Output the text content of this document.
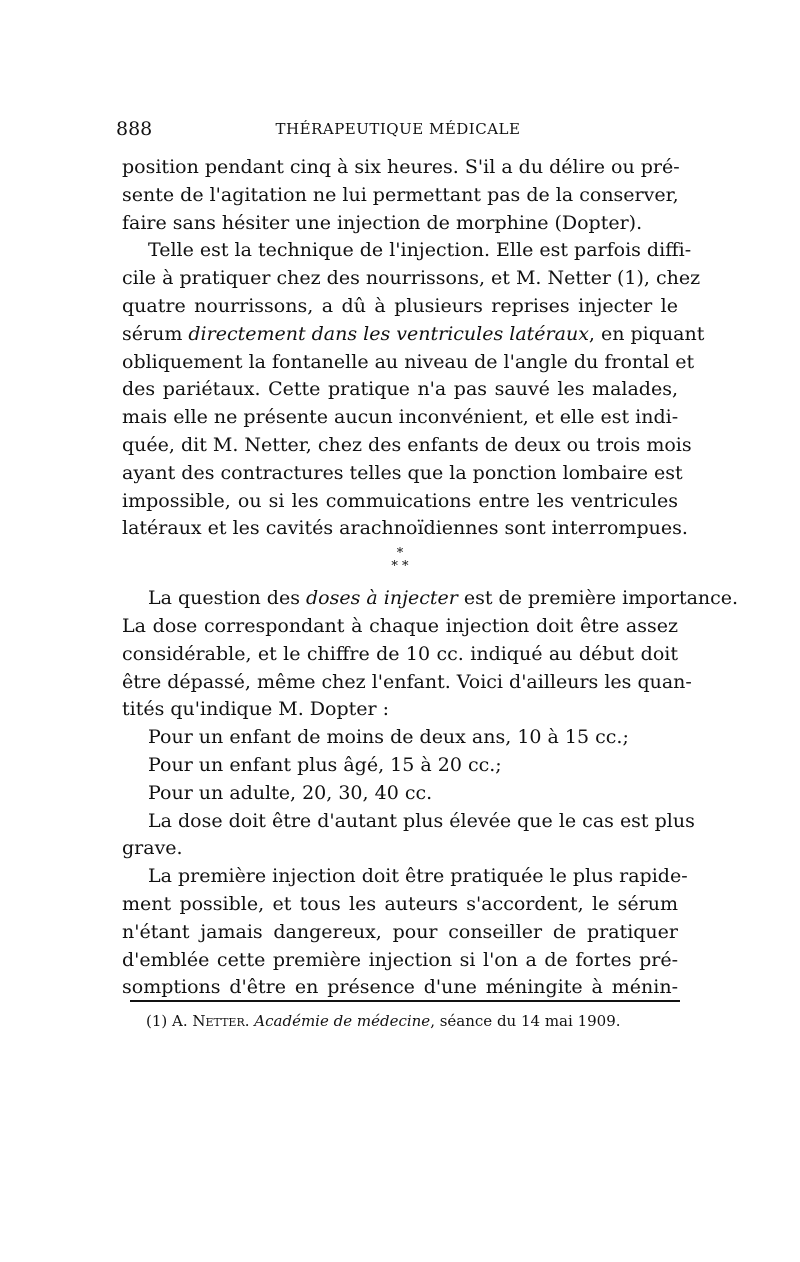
888	THÉRAPEUTIQUE MÉDICALE
position pendant cinq à six heures. S'il a du délire ou pré-
sente de l'agitation ne lui permettant pas de la conserver,
faire sans hésiter une injection de morphine (Dopter).
Telle est la technique de l'injection. Elle est parfois diffi-
cile à pratiquer chez des nourrissons, et M. Netter (1), chez
quatre nourrissons, a dû à plusieurs reprises injecter le
sérum directement dans les ventricules latéraux, en piquant
obliquement la fontanelle au niveau de l'angle du frontal et
des pariétaux. Cette pratique n'a pas sauvé les malades,
mais elle ne présente aucun inconvénient, et elle est indi-
quée, dit M. Netter, chez des enfants de deux ou trois mois
ayant des contractures telles que la ponction lombaire est
impossible, ou si les commuications entre les ventricules
latéraux et les cavités arachnoïdiennes sont interrompues.
*
* *
La question des doses à injecter est de première importance.
La dose correspondant à chaque injection doit être assez
considérable, et le chiffre de 10 cc. indiqué au début doit
être dépassé, même chez l'enfant. Voici d'ailleurs les quan-
tités qu'indique M. Dopter :
Pour un enfant de moins de deux ans, 10 à 15 cc.;
Pour un enfant plus âgé, 15 à 20 cc.;
Pour un adulte, 20, 30, 40 cc.
La dose doit être d'autant plus élevée que le cas est plus
grave.
La première injection doit être pratiquée le plus rapide-
ment possible, et tous les auteurs s'accordent, le sérum
n'étant jamais dangereux, pour conseiller de pratiquer
d'emblée cette première injection si l'on a de fortes pré-
somptions d'être en présence d'une méningite à ménin-
(1) A. Netter. Académie de médecine, séance du 14 mai 1909.
